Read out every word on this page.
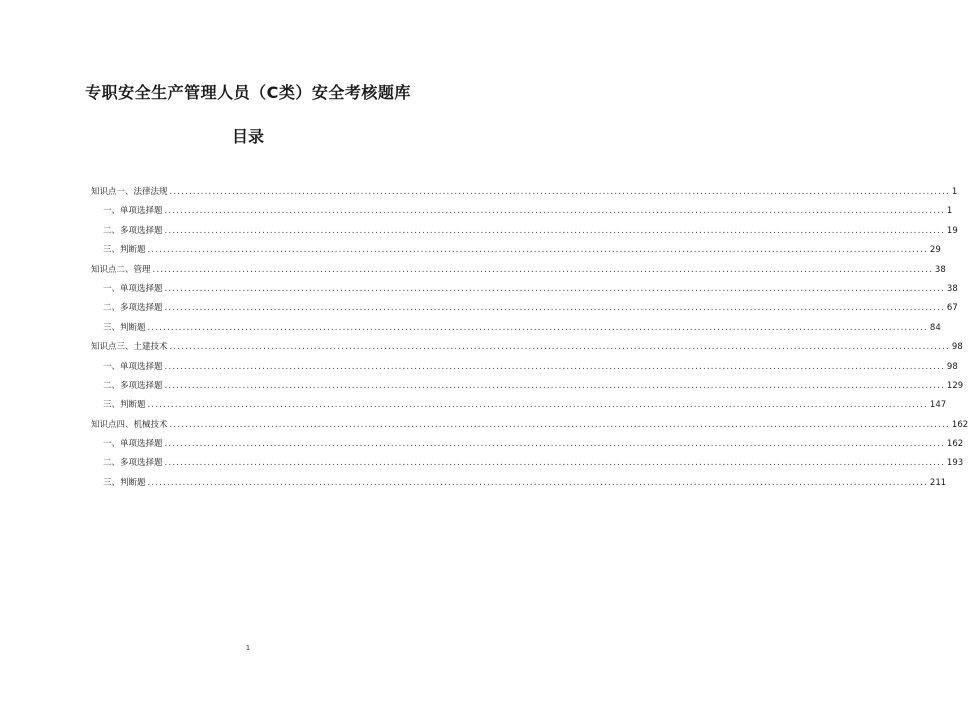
专职安全生产管理人员（C类）安全考核题库
目录
知识点一、法律法规 ........................................................................................................................................................................................................ 1
一、单项选择题 ........................................................................................................................................................................................................ 1
二、多项选择题 ........................................................................................................................................................................................................ 19
三、判断题 ........................................................................................................................................................................................................ 29
知识点二、管理 ........................................................................................................................................................................................................ 38
一、单项选择题 ........................................................................................................................................................................................................ 38
二、多项选择题 ........................................................................................................................................................................................................ 67
三、判断题 ........................................................................................................................................................................................................ 84
知识点三、土建技术 ........................................................................................................................................................................................................ 98
一、单项选择题 ........................................................................................................................................................................................................ 98
二、多项选择题 ........................................................................................................................................................................................................ 129
三、判断题 ........................................................................................................................................................................................................ 147
知识点四、机械技术 ........................................................................................................................................................................................................ 162
一、单项选择题 ........................................................................................................................................................................................................ 162
二、多项选择题 ........................................................................................................................................................................................................ 193
三、判断题 ........................................................................................................................................................................................................ 211
1
